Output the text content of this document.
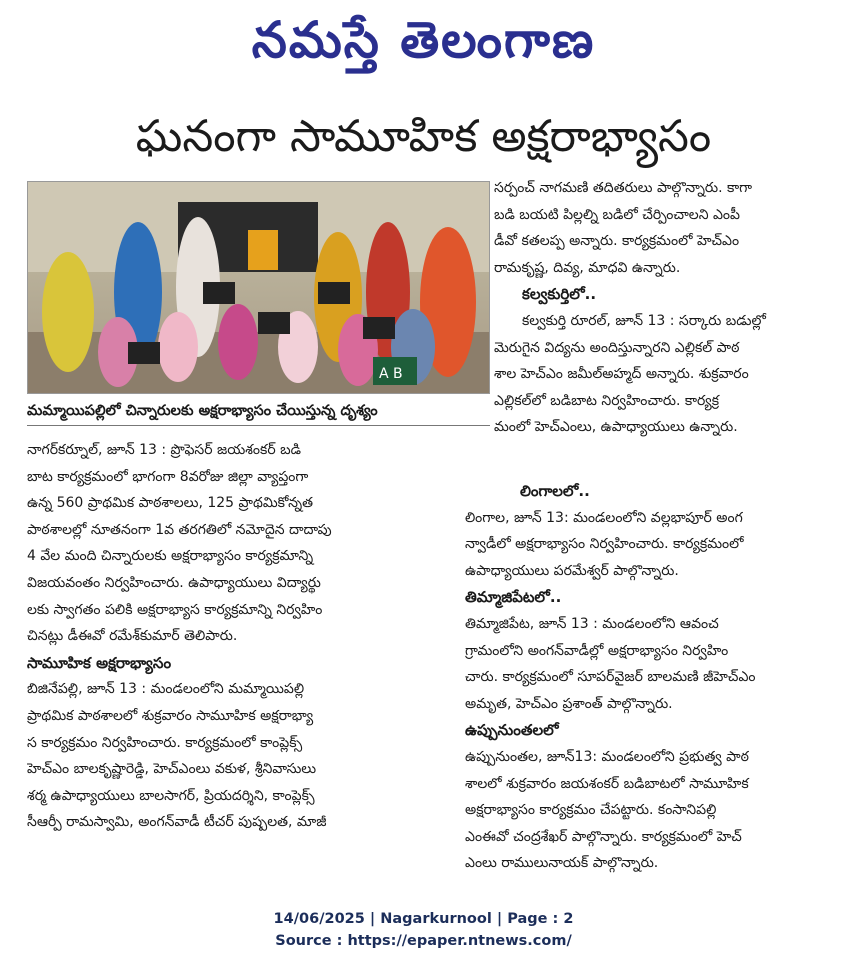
నమస్తే తెలంగాణ
ఘనంగా సామూహిక అక్షరాభ్యాసం
A B
మమ్మాయిపల్లిలో చిన్నారులకు అక్షరాభ్యాసం చేయిస్తున్న దృశ్యం

నాగర్‌కర్నూల్, జూన్ 13 : ప్రొఫెసర్ జయశంకర్ బడి

బాట కార్యక్రమంలో భాగంగా 8వరోజు జిల్లా వ్యాప్తంగా

ఉన్న 560 ప్రాథమిక పాఠశాలలు, 125 ప్రాథమికోన్నత

పాఠశాలల్లో నూతనంగా 1వ తరగతిలో నమోదైన దాదాపు

4 వేల మంది చిన్నారులకు అక్షరాభ్యాసం కార్యక్రమాన్ని

విజయవంతం నిర్వహించారు. ఉపాధ్యాయులు విద్యార్థు

లకు స్వాగతం పలికి అక్షరాభ్యాస కార్యక్రమాన్ని నిర్వహిం

చినట్లు డీఈవో రమేశ్‌కుమార్ తెలిపారు.

సామూహిక అక్షరాభ్యాసం

బిజినేపల్లి, జూన్ 13 : మండలంలోని మమ్మాయిపల్లి

ప్రాథమిక పాఠశాలలో శుక్రవారం సామూహిక అక్షరాభ్యా

స కార్యక్రమం నిర్వహించారు. కార్యక్రమంలో కాంప్లెక్స్

హెచ్ఎం బాలకృష్ణారెడ్డి, హెచ్ఎంలు వకుళ, శ్రీనివాసులు

శర్మ ఉపాధ్యాయులు బాలసాగర్, ప్రియదర్శిని, కాంప్లెక్స్

సీఆర్పీ రామస్వామి, అంగన్‌వాడీ టీచర్ పుష్పలత, మాజీ

సర్పంచ్ నాగమణి తదితరులు పాల్గొన్నారు. కాగా

బడి బయటి పిల్లల్ని బడిలో చేర్పించాలని ఎంపీ

డీవో కతలప్ప అన్నారు. కార్యక్రమంలో హెచ్ఎం

రామకృష్ణ, దివ్య, మాధవి ఉన్నారు.

కల్వకుర్తిలో..

కల్వకుర్తి రూరల్, జూన్ 13 : సర్కారు బడుల్లో

మెరుగైన విద్యను అందిస్తున్నారని ఎల్లికల్ పాఠ

శాల హెచ్ఎం జమీల్అహ్మద్ అన్నారు. శుక్రవారం

ఎల్లికల్‌లో బడిబాట నిర్వహించారు. కార్యక్ర

మంలో హెచ్ఎంలు, ఉపాధ్యాయులు ఉన్నారు.

లింగాలలో..

లింగాల, జూన్ 13: మండలంలోని వల్లభాపూర్ అంగ

న్వాడీలో అక్షరాభ్యాసం నిర్వహించారు. కార్యక్రమంలో

ఉపాధ్యాయులు పరమేశ్వర్ పాల్గొన్నారు.

తిమ్మాజిపేటలో..

తిమ్మాజిపేట, జూన్ 13 : మండలంలోని ఆవంచ

గ్రామంలోని అంగన్‌వాడీల్లో అక్షరాభ్యాసం నిర్వహిం

చారు. కార్యక్రమంలో సూపర్‌వైజర్ బాలమణి జీహెచ్ఎం

అమృత, హెచ్ఎం ప్రశాంత్ పాల్గొన్నారు.

ఉప్పునుంతలలో

ఉప్పునుంతల, జూన్13: మండలంలోని ప్రభుత్వ పాఠ

శాలలో శుక్రవారం జయశంకర్ బడిబాటలో సామూహిక

అక్షరాభ్యాసం కార్యక్రమం చేపట్టారు. కంసానిపల్లి

ఎంఈవో చంద్రశేఖర్ పాల్గొన్నారు. కార్యక్రమంలో హెచ్

ఎంలు రాములునాయక్ పాల్గొన్నారు.

14/06/2025 | Nagarkurnool | Page : 2
Source : https://epaper.ntnews.com/
